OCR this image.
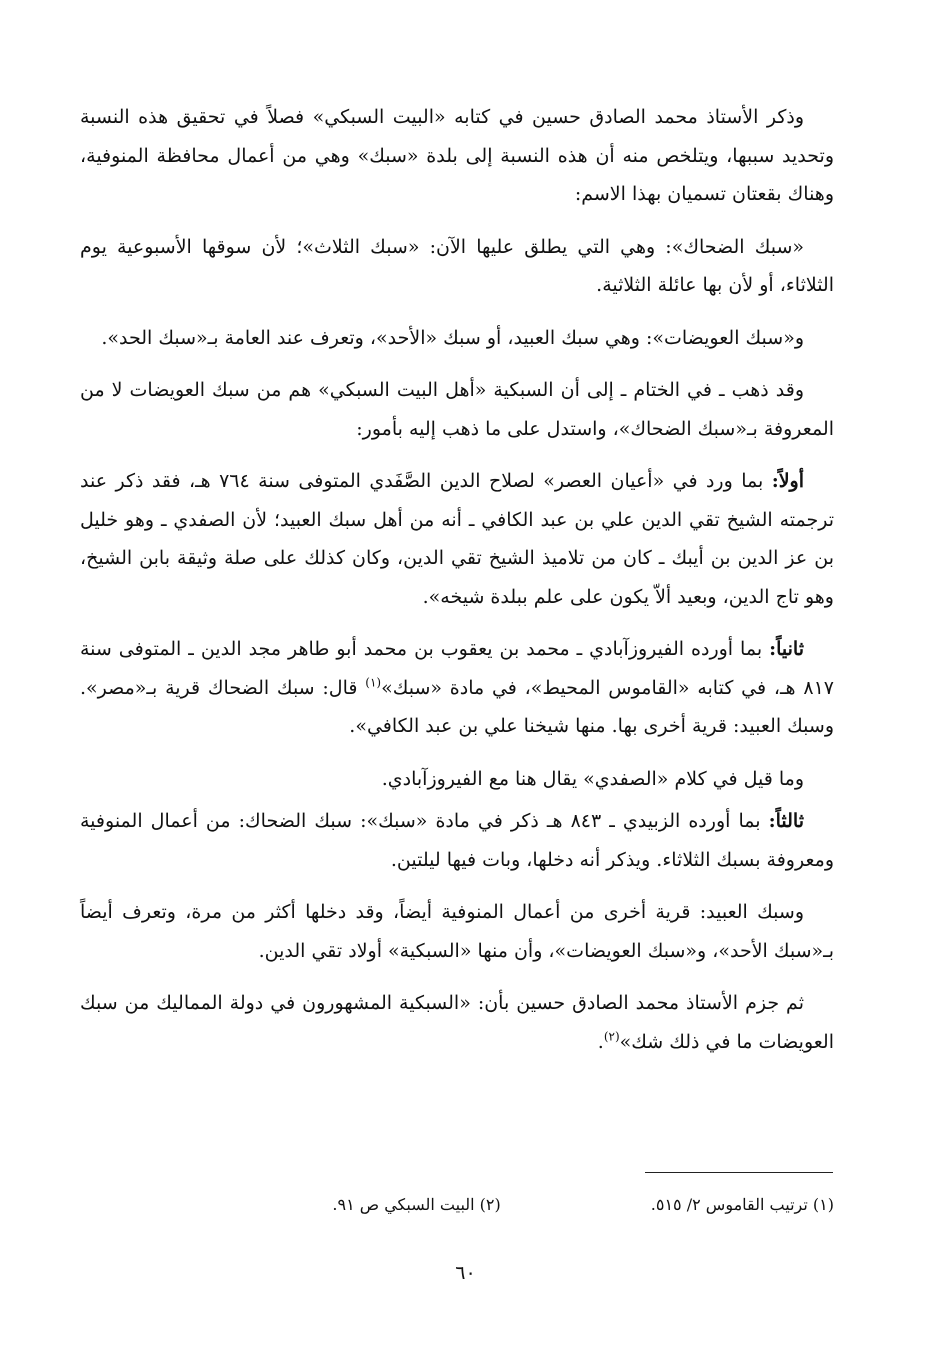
وذكر الأستاذ محمد الصادق حسين في كتابه «البيت السبكي» فصلاً في تحقيق هذه النسبة وتحديد سببها، ويتلخص منه أن هذه النسبة إلى بلدة «سبك» وهي من أعمال محافظة المنوفية، وهناك بقعتان تسميان بهذا الاسم:

«سبك الضحاك»: وهي التي يطلق عليها الآن: «سبك الثلاث»؛ لأن سوقها الأسبوعية يوم الثلاثاء، أو لأن بها عائلة الثلاثية.

و«سبك العويضات»: وهي سبك العبيد، أو سبك «الأحد»، وتعرف عند العامة بـ«سبك الحد».

وقد ذهب ـ في الختام ـ إلى أن السبكية «أهل البيت السبكي» هم من سبك العويضات لا من المعروفة بـ«سبك الضحاك»، واستدل على ما ذهب إليه بأمور:

أولاً: بما ورد في «أعيان العصر» لصلاح الدين الصَّفَدي المتوفى سنة ٧٦٤ هـ، فقد ذكر عند ترجمته الشيخ تقي الدين علي بن عبد الكافي ـ أنه من أهل سبك العبيد؛ لأن الصفدي ـ وهو خليل بن عز الدين بن أيبك ـ كان من تلاميذ الشيخ تقي الدين، وكان كذلك على صلة وثيقة بابن الشيخ، وهو تاج الدين، وبعيد ألاّ يكون على علم ببلدة شيخه».

ثانياً: بما أورده الفيروزآبادي ـ محمد بن يعقوب بن محمد أبو طاهر مجد الدين ـ المتوفى سنة ٨١٧ هـ، في كتابه «القاموس المحيط»، في مادة «سبك»$^{(١)}$ قال: سبك الضحاك قرية بـ«مصر». وسبك العبيد: قرية أخرى بها. منها شيخنا علي بن عبد الكافي».

وما قيل في كلام «الصفدي» يقال هنا مع الفيروزآبادي.

ثالثاً: بما أورده الزبيدي ـ ٨٤٣ هـ ذكر في مادة «سبك»: سبك الضحاك: من أعمال المنوفية ومعروفة بسبك الثلاثاء. ويذكر أنه دخلها، وبات فيها ليلتين.

وسبك العبيد: قرية أخرى من أعمال المنوفية أيضاً، وقد دخلها أكثر من مرة، وتعرف أيضاً بـ«سبك الأحد»، و«سبك العويضات»، وأن منها «السبكية» أولاد تقي الدين.

ثم جزم الأستاذ محمد الصادق حسين بأن: «السبكية المشهورون في دولة المماليك من سبك العويضات ما في ذلك شك»$^{(٢)}$.

(١) ترتيب القاموس ٢/ ٥١٥.
(٢) البيت السبكي ص ٩١.
٦٠
